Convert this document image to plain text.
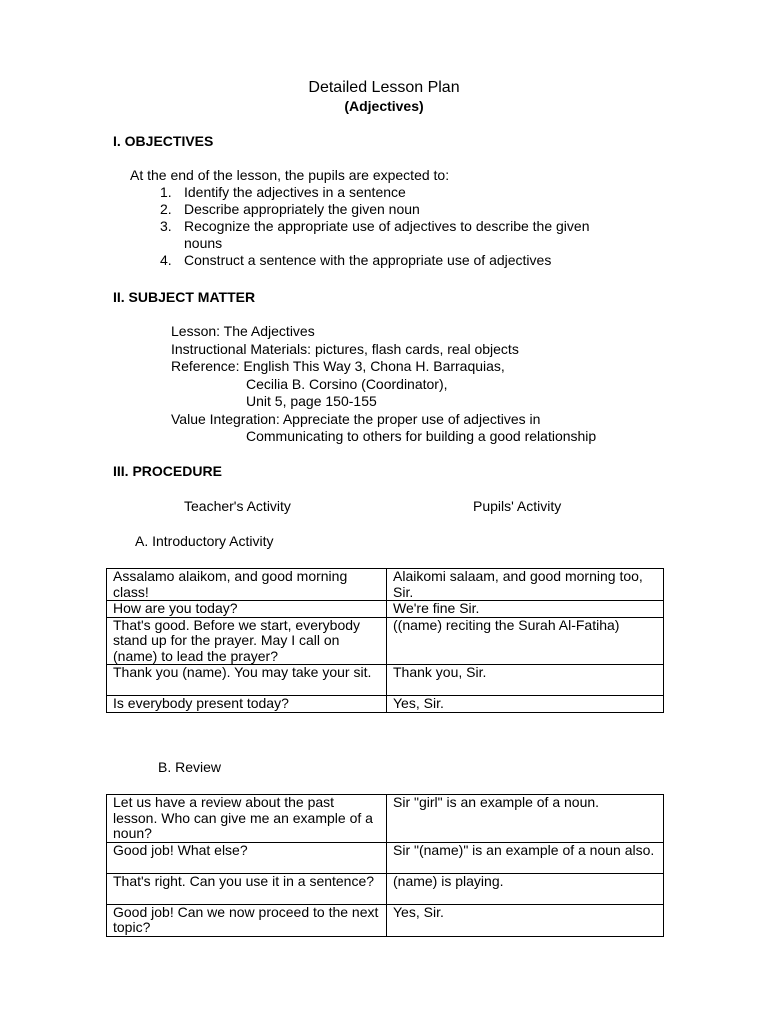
Detailed Lesson Plan
(Adjectives)
I. OBJECTIVES
At the end of the lesson, the pupils are expected to:
1. Identify the adjectives in a sentence
2. Describe appropriately the given noun
3. Recognize the appropriate use of adjectives to describe the given nouns
4. Construct a sentence with the appropriate use of adjectives
II. SUBJECT MATTER
Lesson: The Adjectives
Instructional Materials: pictures, flash cards, real objects
Reference: English This Way 3, Chona H. Barraquias,
Cecilia B. Corsino (Coordinator),
Unit 5, page 150-155
Value Integration: Appreciate the proper use of adjectives in
Communicating to others for building a good relationship
III. PROCEDURE
Teacher's Activity	Pupils' Activity
A. Introductory Activity
Assalamo alaikom, and good morning class!	Alaikomi salaam, and good morning too, Sir.
How are you today?	We're fine Sir.
That's good. Before we start, everybody stand up for the prayer. May I call on (name) to lead the prayer?	((name) reciting the Surah Al-Fatiha)
Thank you (name). You may take your sit.	Thank you, Sir.
Is everybody present today?	Yes, Sir.
B. Review
Let us have a review about the past lesson. Who can give me an example of a noun?	Sir "girl" is an example of a noun.
Good job! What else?	Sir "(name)" is an example of a noun also.
That's right. Can you use it in a sentence?	(name) is playing.
Good job! Can we now proceed to the next topic?	Yes, Sir.
